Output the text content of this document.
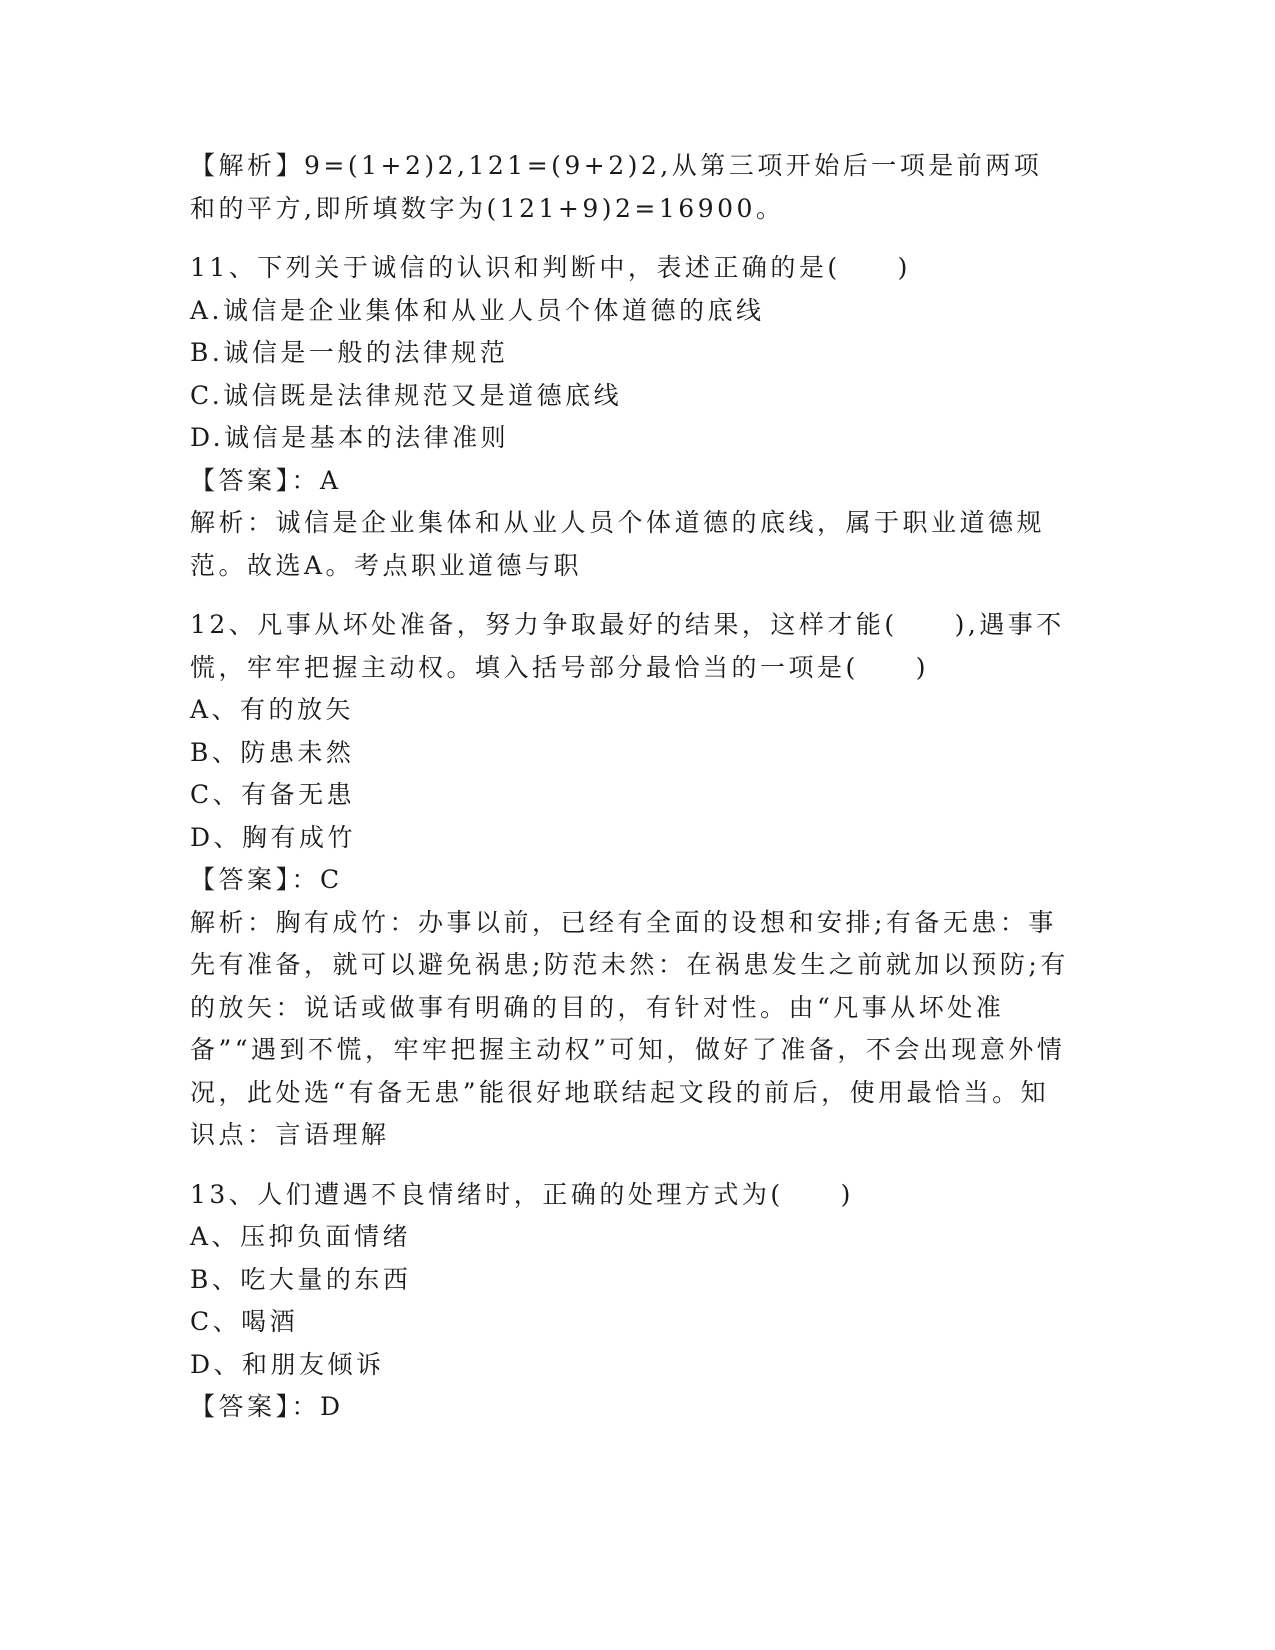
【解析】9=(1+2)2,121=(9+2)2,从第三项开始后一项是前两项和的平方,即所填数字为(121+9)2=16900。
11、下列关于诚信的认识和判断中，表述正确的是(　　)
A.诚信是企业集体和从业人员个体道德的底线
B.诚信是一般的法律规范
C.诚信既是法律规范又是道德底线
D.诚信是基本的法律准则
【答案】：A
解析：诚信是企业集体和从业人员个体道德的底线，属于职业道德规范。故选A。考点职业道德与职
12、凡事从坏处准备，努力争取最好的结果，这样才能(　　),遇事不慌，牢牢把握主动权。填入括号部分最恰当的一项是(　　)
A、有的放矢
B、防患未然
C、有备无患
D、胸有成竹
【答案】：C
解析：胸有成竹：办事以前，已经有全面的设想和安排;有备无患：事先有准备，就可以避免祸患;防范未然：在祸患发生之前就加以预防;有的放矢：说话或做事有明确的目的，有针对性。由“凡事从坏处准备”“遇到不慌，牢牢把握主动权”可知，做好了准备，不会出现意外情况，此处选“有备无患”能很好地联结起文段的前后，使用最恰当。知识点：言语理解
13、人们遭遇不良情绪时，正确的处理方式为(　　)
A、压抑负面情绪
B、吃大量的东西
C、喝酒
D、和朋友倾诉
【答案】：D
